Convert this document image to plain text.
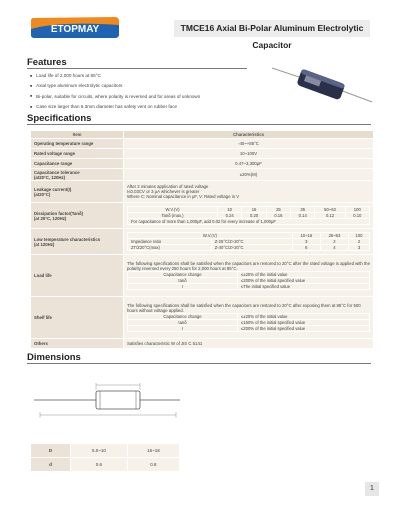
ETOPMAY	TMCE16 Axial Bi-Polar Aluminum Electrolytic Capacitor
Features
■ Load life of 2,000 hours at 85°C
■ Axial type aluminum electrolytic capacitors
■ Bi-polar, suitable for circuits, where polarity is reversed and for areas of unknown
■ Case size larger than 6.3mm diameter has safety vent on rubber face
Specifications
Item	Characteristics
Operating temperature range	-40~+85°C
Rated voltage range	10~100V
Capacitance range	0.47~3,300μF
Capacitance tolerance
(at20°C, 120Hz)	±20%(M)
Leakage current(I)
(at20°C)	
After 2 minutes application of rated voltage
I≤0.03CV or 3 μA whichever is greater
Where C: Nominal capacitance in μF, V: Rated voltage in V

Dissipation factor(Tanδ)
(at 20°C, 120Hz)	
W.V.(V)	10	16	25	35	50~63	100
Tanδ (max.)	0.24	0.20	0.16	0.14	0.12	0.10
For capacitance of more than 1,000μF, add 0.02 for every increase of 1,000μF

Low temperature characteristics
(at 120Hz)	
W.V.(V)	10~16	25~63	100
Impedance ratio	Z-25°C/Z+20°C	3	2	2
ZT/Z20°C(max)	Z-40°C/Z+20°C	6	4	3

Load life	
The following specifications shall be satisfied when the capacitors are restored to 20°C after the rated voltage is applied with the polarity reversed every 250 hours for 2,000 hours at 85°C.
Capacitance change	≤±20% of the initial value
tanδ	≤200% of the initial specified value
I	≤The initial specified value

Shelf life	
The following specifications shall be satisfied when the capacitors are restored to 20°C after exposing them at 85°C for 500 hours without voltage applied.
Capacitance change	≤±20% of the initial value
tanδ	≤150% of the initial specified value
I	≤200% of the initial specified value

Others	Satisfies characteristic W of JIS C 5141
Dimensions
D	5.0~10	16~18
d	0.6	0.8
1
